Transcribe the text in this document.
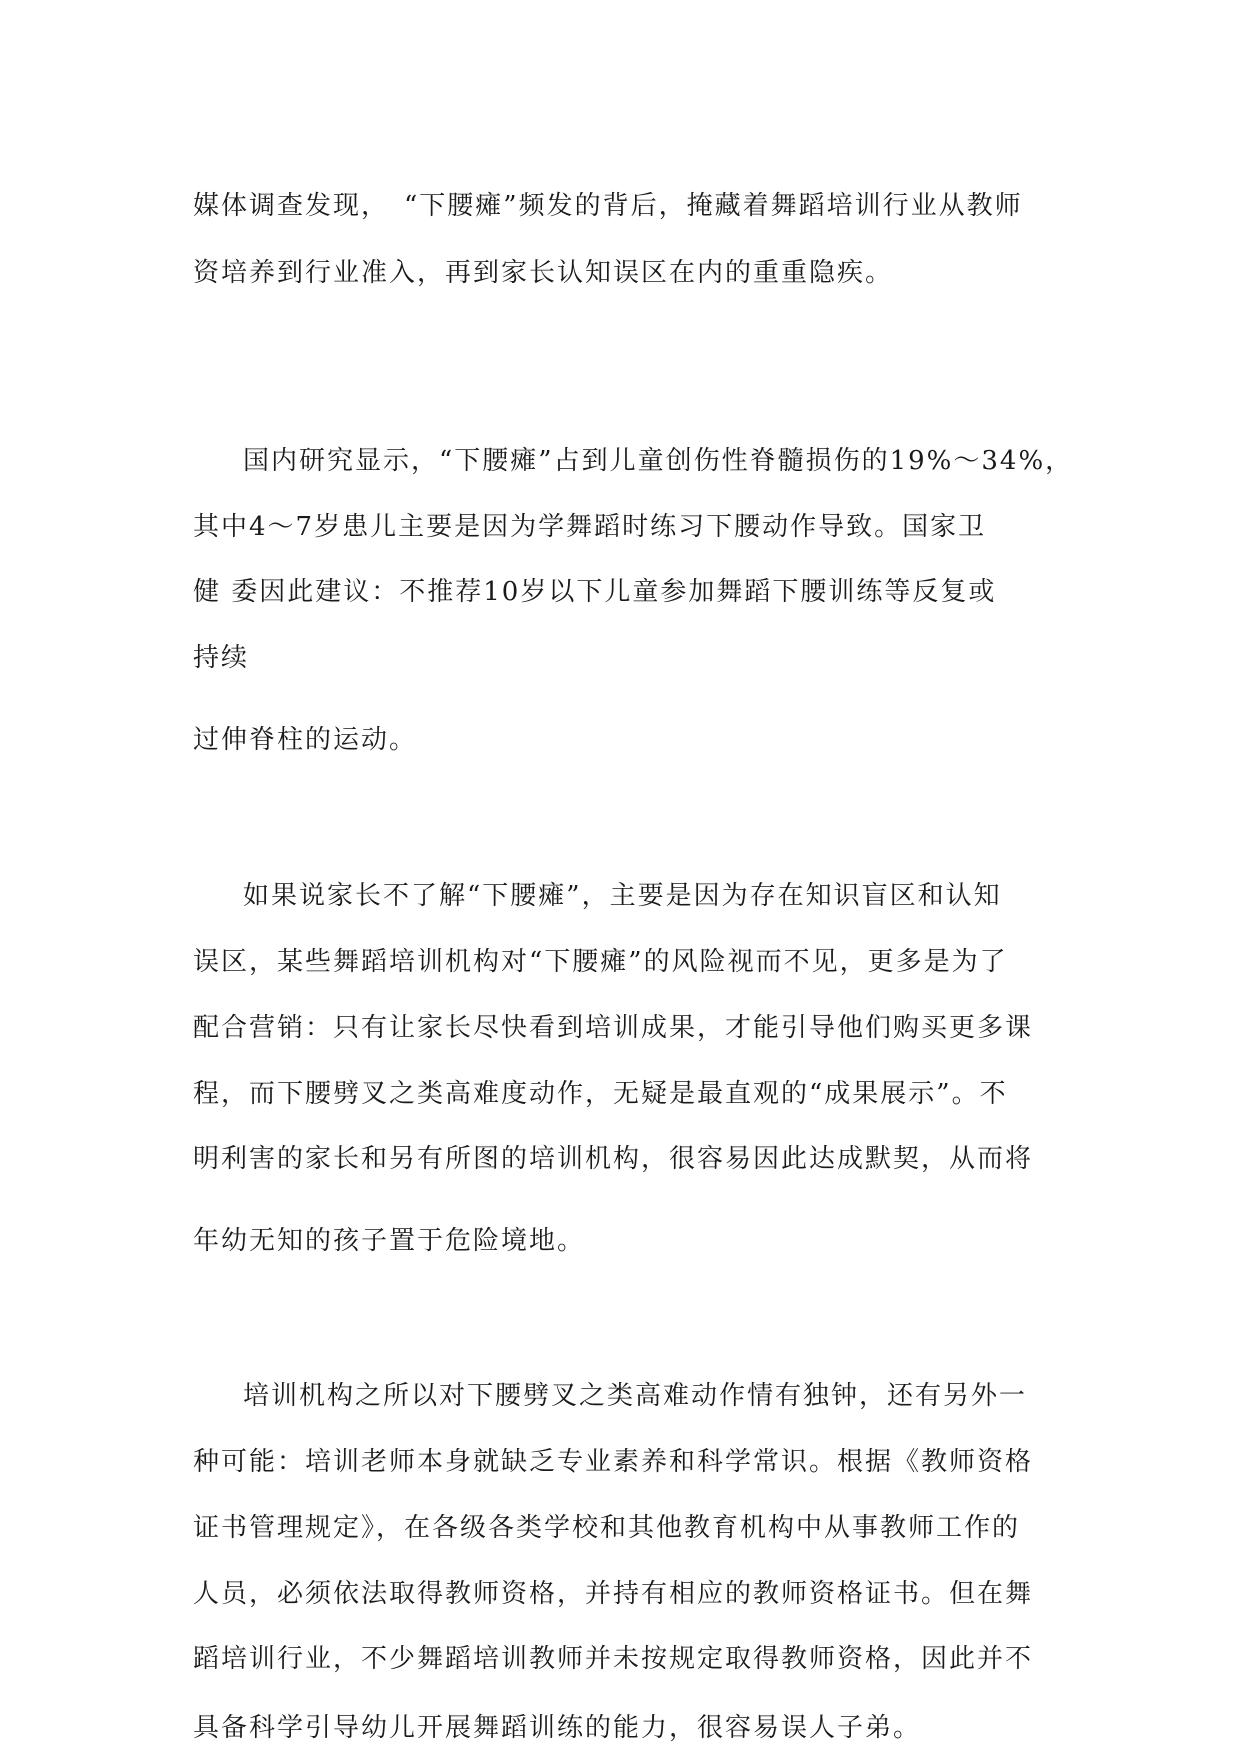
媒体调查发现，　“下腰瘫”频发的背后，掩藏着舞蹈培训行业从教师
资培养到行业准入，再到家长认知误区在内的重重隐疾。
国内研究显示，“下腰瘫”占到儿童创伤性脊髓损伤的19%～34%，
其中4～7岁患儿主要是因为学舞蹈时练习下腰动作导致。国家卫
健 委因此建议：不推荐10岁以下儿童参加舞蹈下腰训练等反复或
持续
过伸脊柱的运动。
如果说家长不了解“下腰瘫”，主要是因为存在知识盲区和认知
误区，某些舞蹈培训机构对“下腰瘫”的风险视而不见，更多是为了
配合营销：只有让家长尽快看到培训成果，才能引导他们购买更多课
程，而下腰劈叉之类高难度动作，无疑是最直观的“成果展示”。不
明利害的家长和另有所图的培训机构，很容易因此达成默契，从而将
年幼无知的孩子置于危险境地。
培训机构之所以对下腰劈叉之类高难动作情有独钟，还有另外一
种可能：培训老师本身就缺乏专业素养和科学常识。根据《教师资格
证书管理规定》，在各级各类学校和其他教育机构中从事教师工作的
人员，必须依法取得教师资格，并持有相应的教师资格证书。但在舞
蹈培训行业，不少舞蹈培训教师并未按规定取得教师资格，因此并不
具备科学引导幼儿开展舞蹈训练的能力，很容易误人子弟。
